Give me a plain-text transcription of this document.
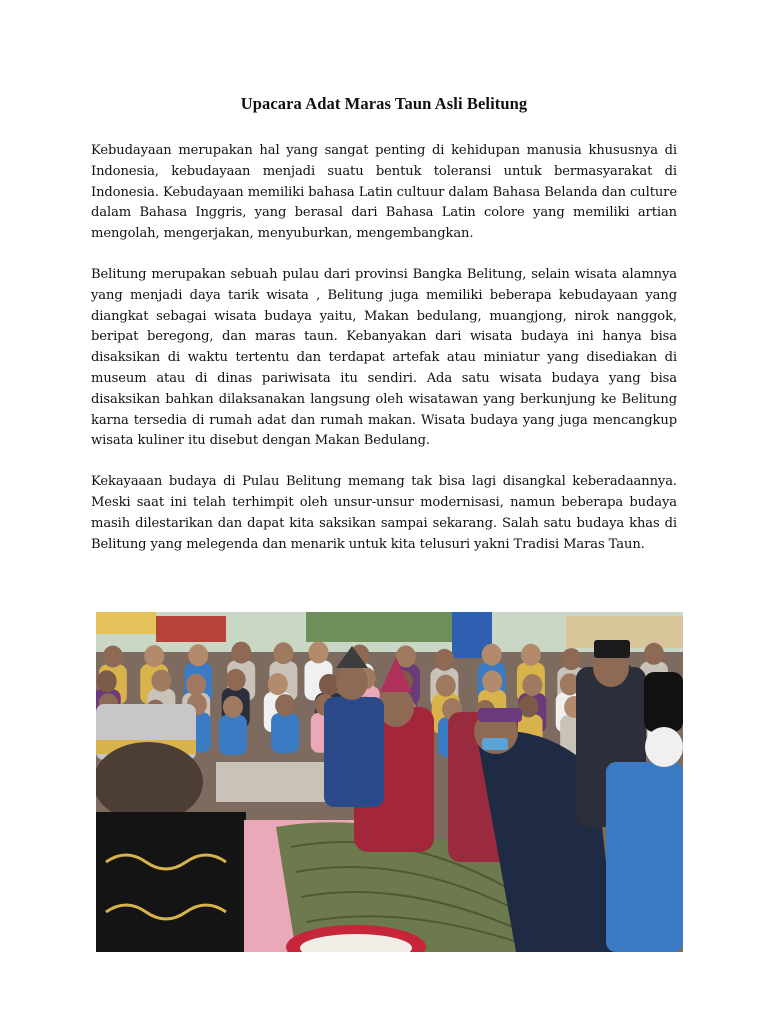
Upacara Adat Maras Taun Asli Belitung

Kebudayaan merupakan hal yang sangat penting di kehidupan manusia khususnya di Indonesia, kebudayaan menjadi suatu bentuk toleransi untuk bermasyarakat di Indonesia. Kebudayaan memiliki bahasa Latin cultuur dalam Bahasa Belanda dan culture dalam Bahasa Inggris, yang berasal dari Bahasa Latin colore yang memiliki artian mengolah, mengerjakan, menyuburkan, mengembangkan.

Belitung merupakan sebuah pulau dari provinsi Bangka Belitung, selain wisata alamnya yang menjadi daya tarik wisata , Belitung juga memiliki beberapa kebudayaan yang diangkat sebagai wisata budaya yaitu, Makan bedulang, muangjong, nirok nanggok, beripat beregong, dan maras taun. Kebanyakan dari wisata budaya ini hanya bisa disaksikan di waktu tertentu dan terdapat artefak atau miniatur yang disediakan di museum atau di dinas pariwisata itu sendiri. Ada satu wisata budaya yang bisa disaksikan bahkan dilaksanakan langsung oleh wisatawan yang berkunjung ke Belitung karna tersedia di rumah adat dan rumah makan. Wisata budaya yang juga mencangkup wisata kuliner itu disebut dengan Makan Bedulang.

Kekayaaan budaya di Pulau Belitung memang tak bisa lagi disangkal keberadaannya. Meski saat ini telah terhimpit oleh unsur-unsur modernisasi, namun beberapa budaya masih dilestarikan dan dapat kita saksikan sampai sekarang. Salah satu budaya khas di Belitung yang melegenda dan menarik untuk kita telusuri yakni Tradisi Maras Taun.
